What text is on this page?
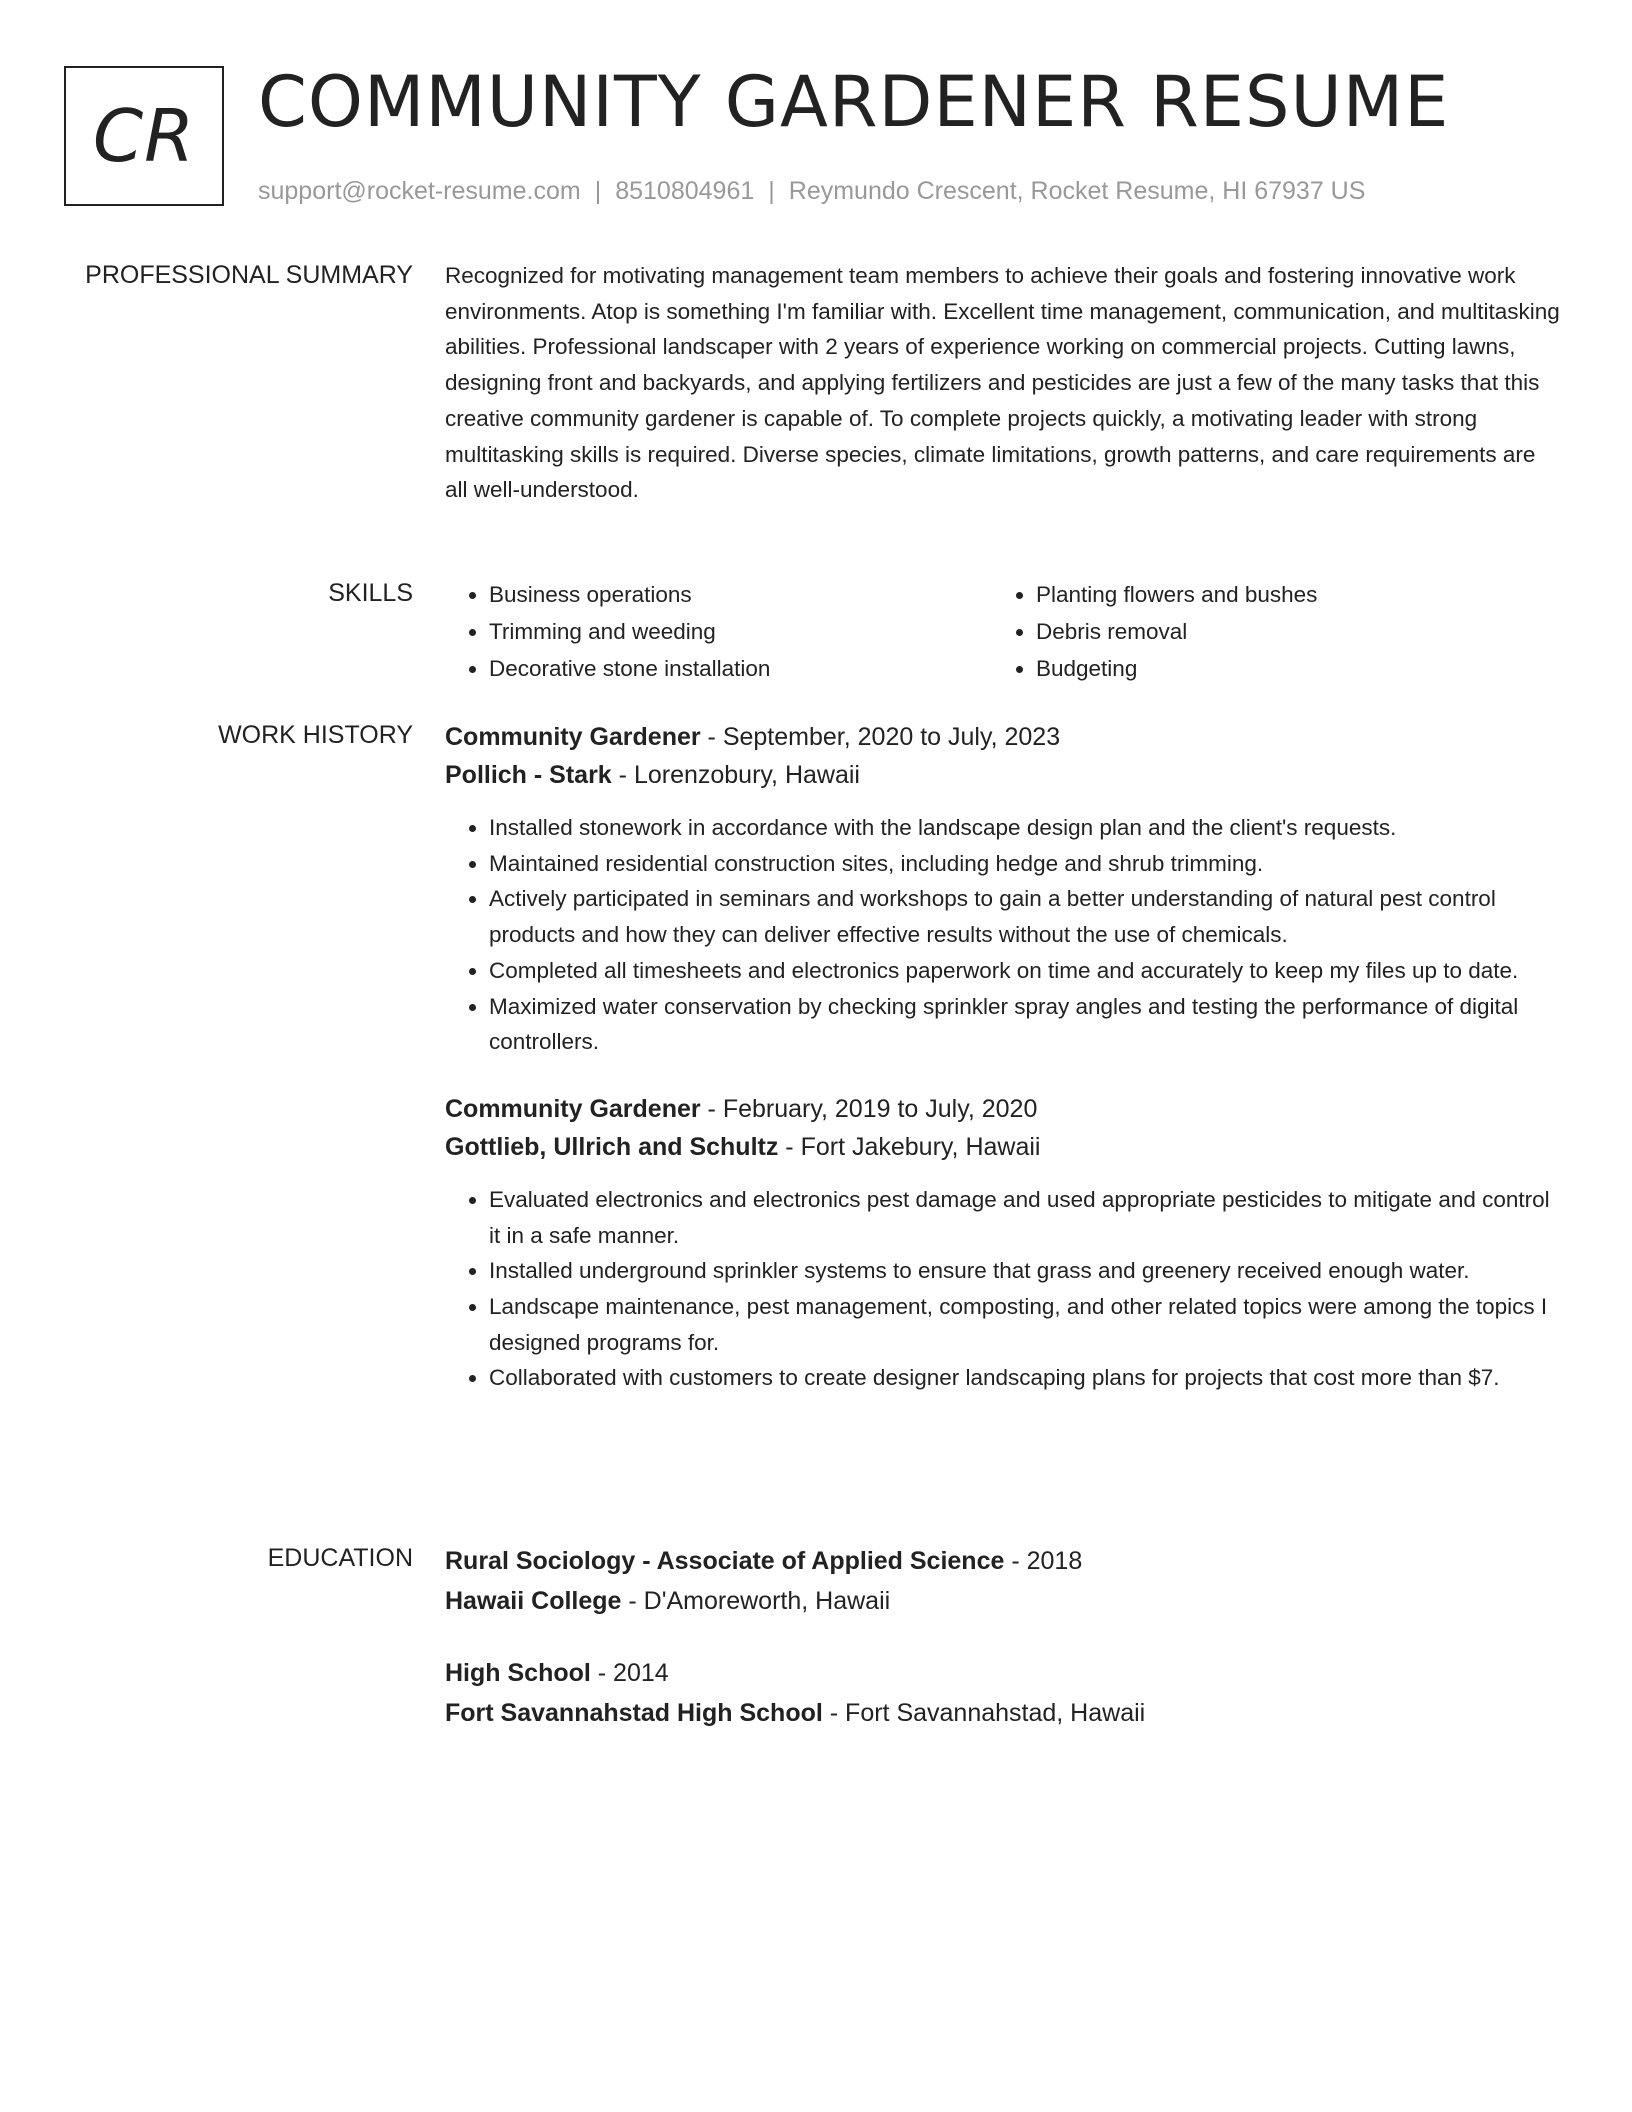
CR COMMUNITY GARDENER RESUME
support@rocket-resume.com | 8510804961 | Reymundo Crescent, Rocket Resume, HI 67937 US
PROFESSIONAL SUMMARY Recognized for motivating management team members to achieve their goals and fostering innovative work environments. Atop is something I'm familiar with. Excellent time management, communication, and multitasking abilities. Professional landscaper with 2 years of experience working on commercial projects. Cutting lawns, designing front and backyards, and applying fertilizers and pesticides are just a few of the many tasks that this creative community gardener is capable of. To complete projects quickly, a motivating leader with strong multitasking skills is required. Diverse species, climate limitations, growth patterns, and care requirements are all well-understood.

SKILLS
•	Business operations
• Trimming and weeding
• Decorative stone installation
• Planting flowers and bushes
• Debris removal
• Budgeting
WORK HISTORY Community Gardener - September, 2020 to July, 2023
Pollich - Stark - Lorenzobury, Hawaii
• Installed stonework in accordance with the landscape design plan and the client's requests.
• Maintained residential construction sites, including hedge and shrub trimming.
• Actively participated in seminars and workshops to gain a better understanding of natural pest control products and how they can deliver effective results without the use of chemicals.
• Completed all timesheets and electronics paperwork on time and accurately to keep my files up to date.
• Maximized water conservation by checking sprinkler spray angles and testing the performance of digital controllers.
Community Gardener - February, 2019 to July, 2020
Gottlieb, Ullrich and Schultz - Fort Jakebury, Hawaii
• Evaluated electronics and electronics pest damage and used appropriate pesticides to mitigate and control it in a safe manner.
• Installed underground sprinkler systems to ensure that grass and greenery received enough water.
• Landscape maintenance, pest management, composting, and other related topics were among the topics I designed programs for.
• Collaborated with customers to create designer landscaping plans for projects that cost more than $7.
EDUCATION Rural Sociology - Associate of Applied Science - 2018
Hawaii College - D'Amoreworth, Hawaii
High School - 2014
Fort Savannahstad High School - Fort Savannahstad, Hawaii
